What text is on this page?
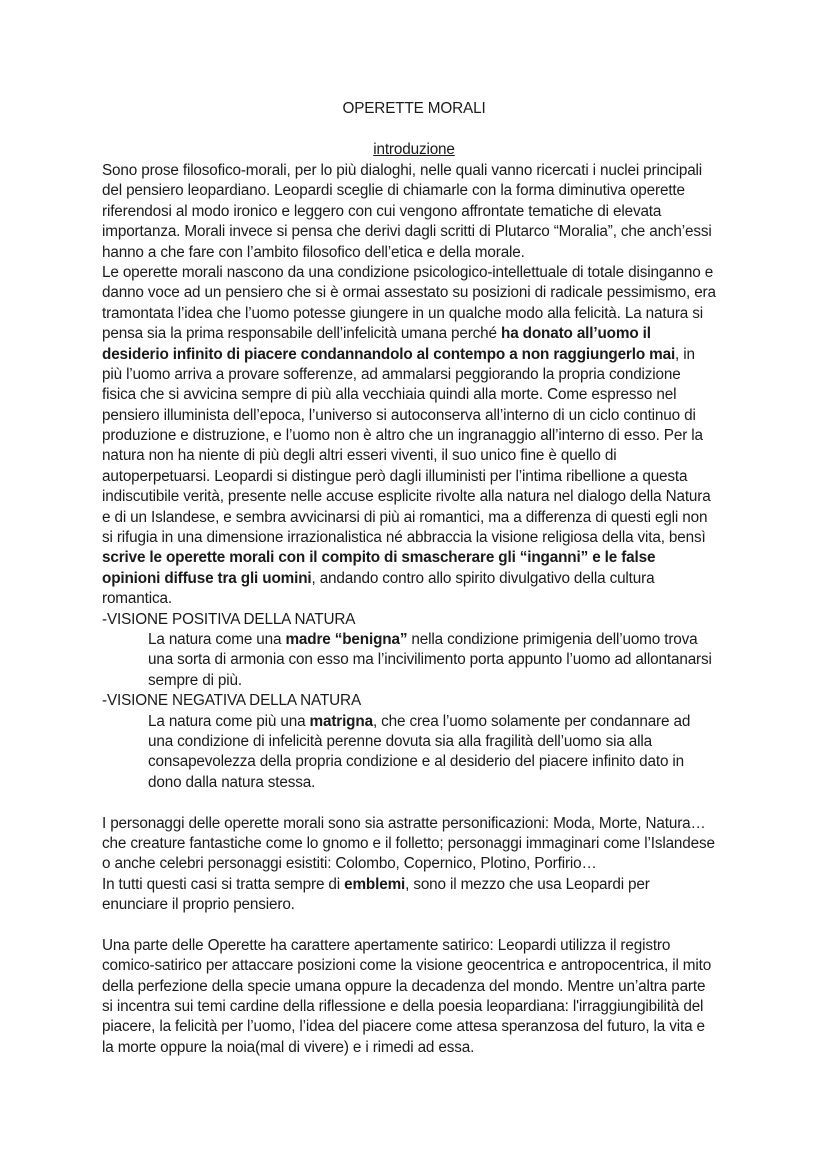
OPERETTE MORALI
introduzione
Sono prose filosofico-morali, per lo più dialoghi, nelle quali vanno ricercati i nuclei principali
del pensiero leopardiano. Leopardi sceglie di chiamarle con la forma diminutiva operette
riferendosi al modo ironico e leggero con cui vengono affrontate tematiche di elevata
importanza. Morali invece si pensa che derivi dagli scritti di Plutarco “Moralia”, che anch’essi
hanno a che fare con l’ambito filosofico dell’etica e della morale.
Le operette morali nascono da una condizione psicologico-intellettuale di totale disinganno e
danno voce ad un pensiero che si è ormai assestato su posizioni di radicale pessimismo, era
tramontata l’idea che l’uomo potesse giungere in un qualche modo alla felicità. La natura si
pensa sia la prima responsabile dell’infelicità umana perché ha donato all’uomo il
desiderio infinito di piacere condannandolo al contempo a non raggiungerlo mai, in
più l’uomo arriva a provare sofferenze, ad ammalarsi peggiorando la propria condizione
fisica che si avvicina sempre di più alla vecchiaia quindi alla morte. Come espresso nel
pensiero illuminista dell’epoca, l’universo si autoconserva all’interno di un ciclo continuo di
produzione e distruzione, e l’uomo non è altro che un ingranaggio all’interno di esso. Per la
natura non ha niente di più degli altri esseri viventi, il suo unico fine è quello di
autoperpetuarsi. Leopardi si distingue però dagli illuministi per l’intima ribellione a questa
indiscutibile verità, presente nelle accuse esplicite rivolte alla natura nel dialogo della Natura
e di un Islandese, e sembra avvicinarsi di più ai romantici, ma a differenza di questi egli non
si rifugia in una dimensione irrazionalistica né abbraccia la visione religiosa della vita, bensì
scrive le operette morali con il compito di smascherare gli “inganni” e le false
opinioni diffuse tra gli uomini, andando contro allo spirito divulgativo della cultura
romantica.
-VISIONE POSITIVA DELLA NATURA
La natura come una madre “benigna” nella condizione primigenia dell’uomo trova
una sorta di armonia con esso ma l’incivilimento porta appunto l’uomo ad allontanarsi
sempre di più.
-VISIONE NEGATIVA DELLA NATURA
La natura come più una matrigna, che crea l’uomo solamente per condannare ad
una condizione di infelicità perenne dovuta sia alla fragilità dell’uomo sia alla
consapevolezza della propria condizione e al desiderio del piacere infinito dato in
dono dalla natura stessa.
I personaggi delle operette morali sono sia astratte personificazioni: Moda, Morte, Natura…
che creature fantastiche come lo gnomo e il folletto; personaggi immaginari come l’Islandese
o anche celebri personaggi esistiti: Colombo, Copernico, Plotino, Porfirio…
In tutti questi casi si tratta sempre di emblemi, sono il mezzo che usa Leopardi per
enunciare il proprio pensiero.
Una parte delle Operette ha carattere apertamente satirico: Leopardi utilizza il registro
comico-satirico per attaccare posizioni come la visione geocentrica e antropocentrica, il mito
della perfezione della specie umana oppure la decadenza del mondo. Mentre un’altra parte
si incentra sui temi cardine della riflessione e della poesia leopardiana: l'irraggiungibilità del
piacere, la felicità per l’uomo, l’idea del piacere come attesa speranzosa del futuro, la vita e
la morte oppure la noia(mal di vivere) e i rimedi ad essa.
